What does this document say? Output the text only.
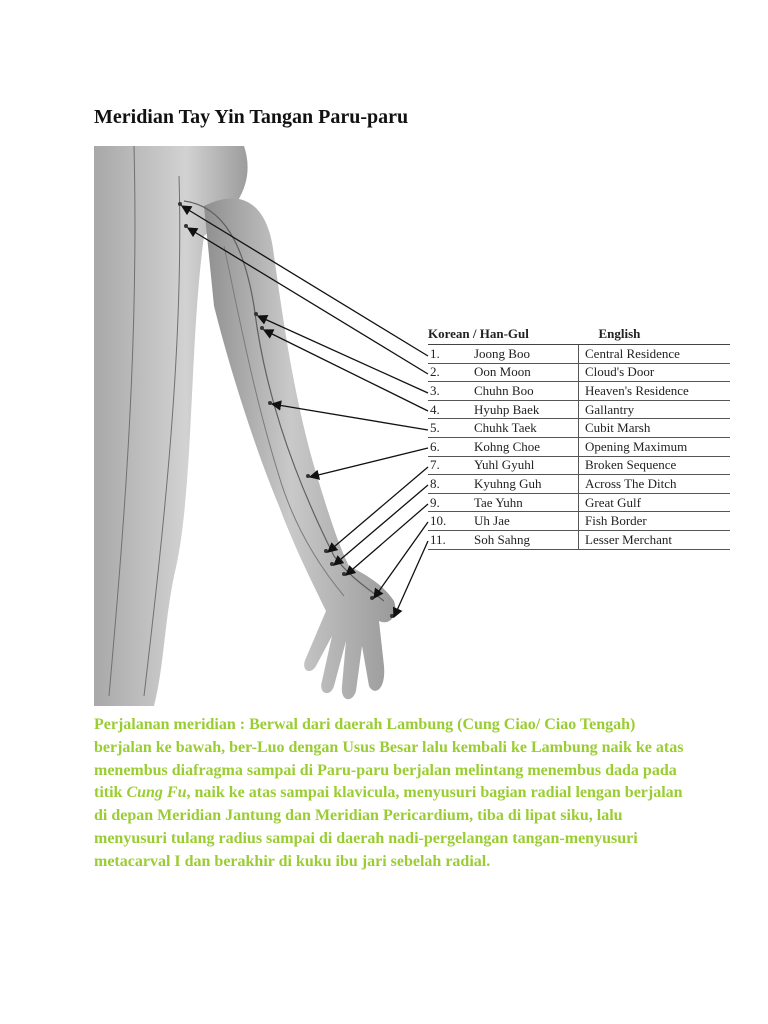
Meridian Tay Yin Tangan Paru-paru
Korean / Han-Gul		English
1.	Joong Boo	Central Residence
2.	Oon Moon	Cloud's Door
3.	Chuhn Boo	Heaven's Residence
4.	Hyuhp Baek	Gallantry
5.	Chuhk Taek	Cubit Marsh
6.	Kohng Choe	Opening Maximum
7.	Yuhl Gyuhl	Broken Sequence
8.	Kyuhng Guh	Across The Ditch
9.	Tae Yuhn	Great Gulf
10.	Uh Jae	Fish Border
11.	Soh Sahng	Lesser Merchant
Perjalanan meridian : Berwal dari daerah Lambung (Cung Ciao/ Ciao Tengah) berjalan ke bawah, ber-Luo dengan Usus Besar lalu kembali ke Lambung naik ke atas menembus diafragma sampai di Paru-paru berjalan melintang menembus dada pada titik Cung Fu, naik ke atas sampai klavicula, menyusuri bagian radial lengan berjalan di depan Meridian Jantung dan Meridian Pericardium, tiba di lipat siku, lalu menyusuri tulang radius sampai di daerah nadi-pergelangan tangan-menyusuri metacarval I dan berakhir di kuku ibu jari sebelah radial.
